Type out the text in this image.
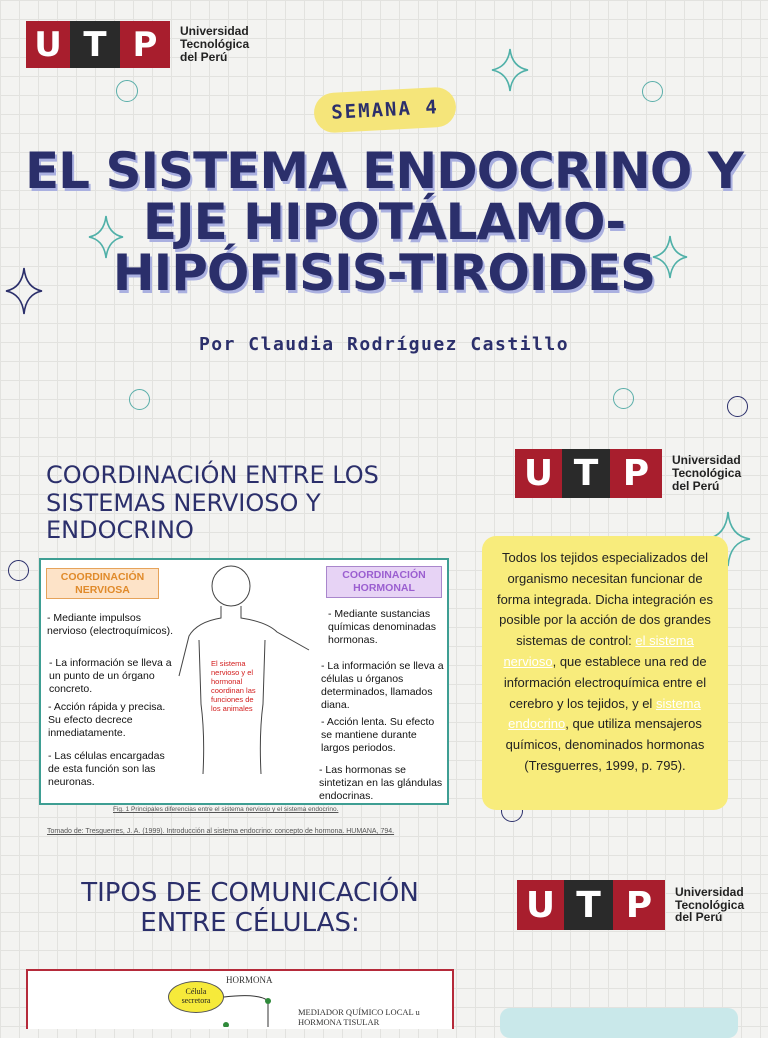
U T P	Universidad
Tecnológica
del Perú
SEMANA 4
EL SISTEMA ENDOCRINO Y
EJE HIPOTÁLAMO-
HIPÓFISIS-TIROIDES
Por Claudia Rodríguez Castillo
COORDINACIÓN ENTRE LOS
SISTEMAS NERVIOSO Y
ENDOCRINO
U T P	Universidad
Tecnológica
del Perú
COORDINACIÓN
NERVIOSA
COORDINACIÓN
HORMONAL
El sistema nervioso y el hormonal coordinan las funciones de los animales
- Mediante impulsos nervioso (electroquímicos).
- La información se lleva a un punto de un órgano concreto.
- Acción rápida y precisa. Su efecto decrece inmediatamente.
- Las células encargadas de esta función son las neuronas.
- Mediante sustancias químicas denominadas hormonas.
- La información se lleva a células u órganos determinados, llamados diana.
- Acción lenta. Su efecto se mantiene durante largos periodos.
- Las hormonas se sintetizan en las glándulas endocrinas.
Fig. 1 Principales diferencias entre el sistema nervioso y el sistema endocrino.
Tomado de: Tresguerres, J. A. (1999). Introducción al sistema endocrino: concepto de hormona. HUMANA, 794.
Todos los tejidos especializados del organismo necesitan funcionar de forma integrada. Dicha integración es posible por la acción de dos grandes sistemas de control: el sistema nervioso, que establece una red de información electroquímica entre el cerebro y los tejidos, y el sistema endocrino, que utiliza mensajeros químicos, denominados hormonas (Tresguerres, 1999, p. 795).
TIPOS DE COMUNICACIÓN
ENTRE CÉLULAS:	U T P	Universidad
Tecnológica
del Perú
HORMONA
Célula
secretora
MEDIADOR QUÍMICO LOCAL u
HORMONA TISULAR
